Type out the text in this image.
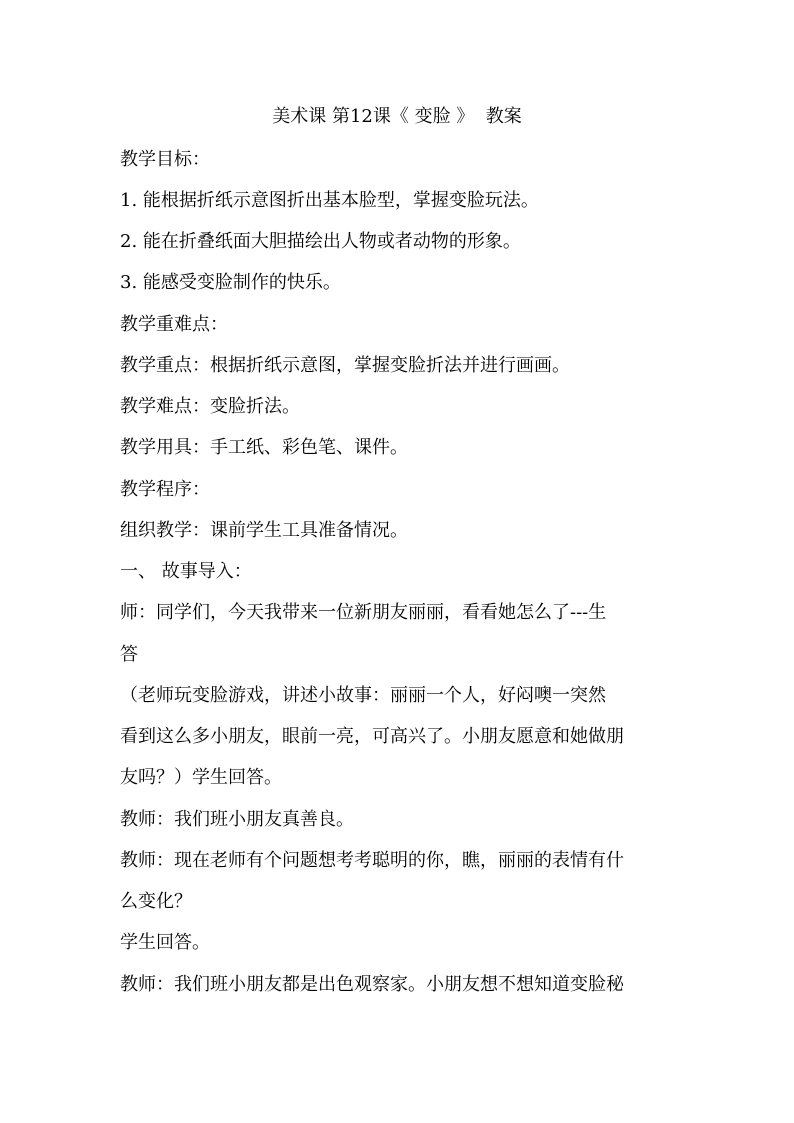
美术课 第12课《 变脸 》  教案
教学目标：
1. 能根据折纸示意图折出基本脸型，掌握变脸玩法。
2. 能在折叠纸面大胆描绘出人物或者动物的形象。
3. 能感受变脸制作的快乐。
教学重难点：
教学重点：根据折纸示意图，掌握变脸折法并进行画画。
教学难点：变脸折法。
教学用具：手工纸、彩色笔、课件。
教学程序：
组织教学：课前学生工具准备情况。
一、 故事导入：
师：同学们，今天我带来一位新朋友丽丽，看看她怎么了---生
答
（老师玩变脸游戏，讲述小故事：丽丽一个人，好闷噢一突然
看到这么多小朋友，眼前一亮，可高兴了。小朋友愿意和她做朋
友吗？）学生回答。
教师：我们班小朋友真善良。
教师：现在老师有个问题想考考聪明的你，瞧，丽丽的表情有什
么变化？
学生回答。
教师：我们班小朋友都是出色观察家。小朋友想不想知道变脸秘
